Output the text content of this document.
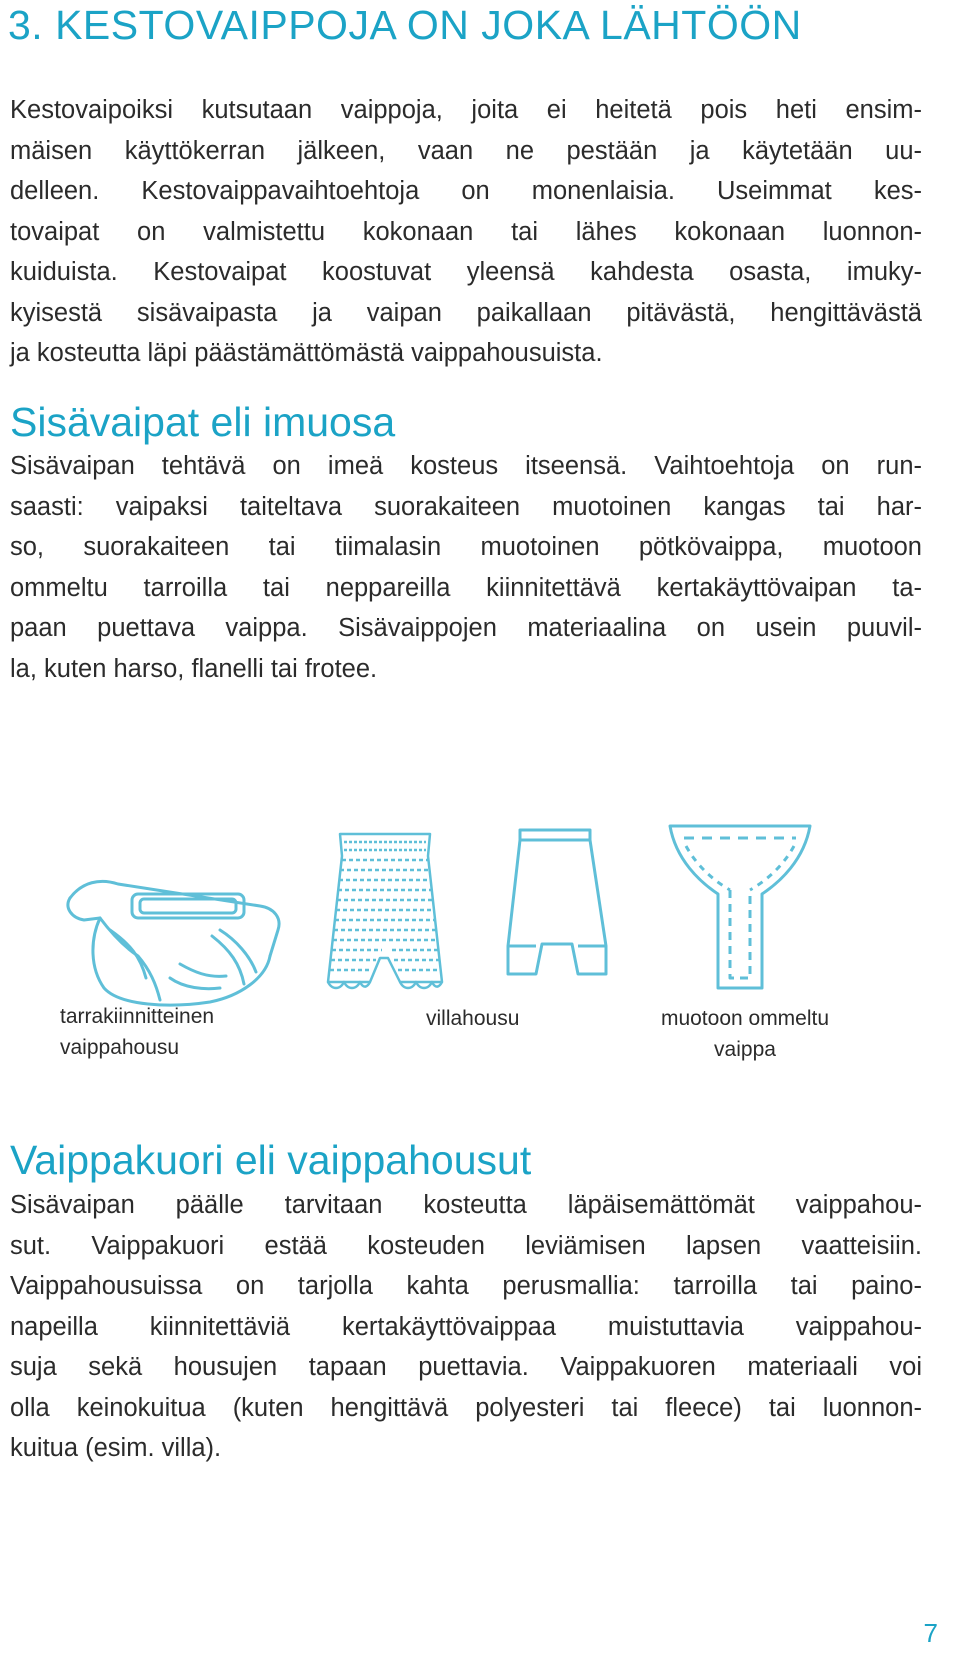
3. KESTOVAIPPOJA ON JOKA LÄHTÖÖN
Kestovaipoiksi kutsutaan vaippoja, joita ei heitetä pois heti ensim-
mäisen käyttökerran jälkeen, vaan ne pestään ja käytetään uu-
delleen. Kestovaippavaihtoehtoja on monenlaisia. Useimmat kes-
tovaipat on valmistettu kokonaan tai lähes kokonaan luonnon-
kuiduista. Kestovaipat koostuvat yleensä kahdesta osasta, imuky-
kyisestä sisävaipasta ja vaipan paikallaan pitävästä, hengittävästä
ja kosteutta läpi päästämättömästä vaippahousuista.
Sisävaipat eli imuosa
Sisävaipan tehtävä on imeä kosteus itseensä. Vaihtoehtoja on run-
saasti: vaipaksi taiteltava suorakaiteen muotoinen kangas tai har-
so, suorakaiteen tai tiimalasin muotoinen pötkövaippa, muotoon
ommeltu tarroilla tai neppareilla kiinnitettävä kertakäyttövaipan ta-
paan puettava vaippa. Sisävaippojen materiaalina on usein puuvil-
la, kuten harso, flanelli tai frotee.
tarrakiinnitteinen
vaippahousu
villahousu	muotoon ommeltu
vaippa
Vaippakuori eli vaippahousut
Sisävaipan päälle tarvitaan kosteutta läpäisemättömät vaippahou-
sut. Vaippakuori estää kosteuden leviämisen lapsen vaatteisiin.
Vaippahousuissa on tarjolla kahta perusmallia: tarroilla tai paino-
napeilla kiinnitettäviä kertakäyttövaippaa muistuttavia vaippahou-
suja sekä housujen tapaan puettavia. Vaippakuoren materiaali voi
olla keinokuitua (kuten hengittävä polyesteri tai fleece) tai luonnon-
kuitua (esim. villa).
7
